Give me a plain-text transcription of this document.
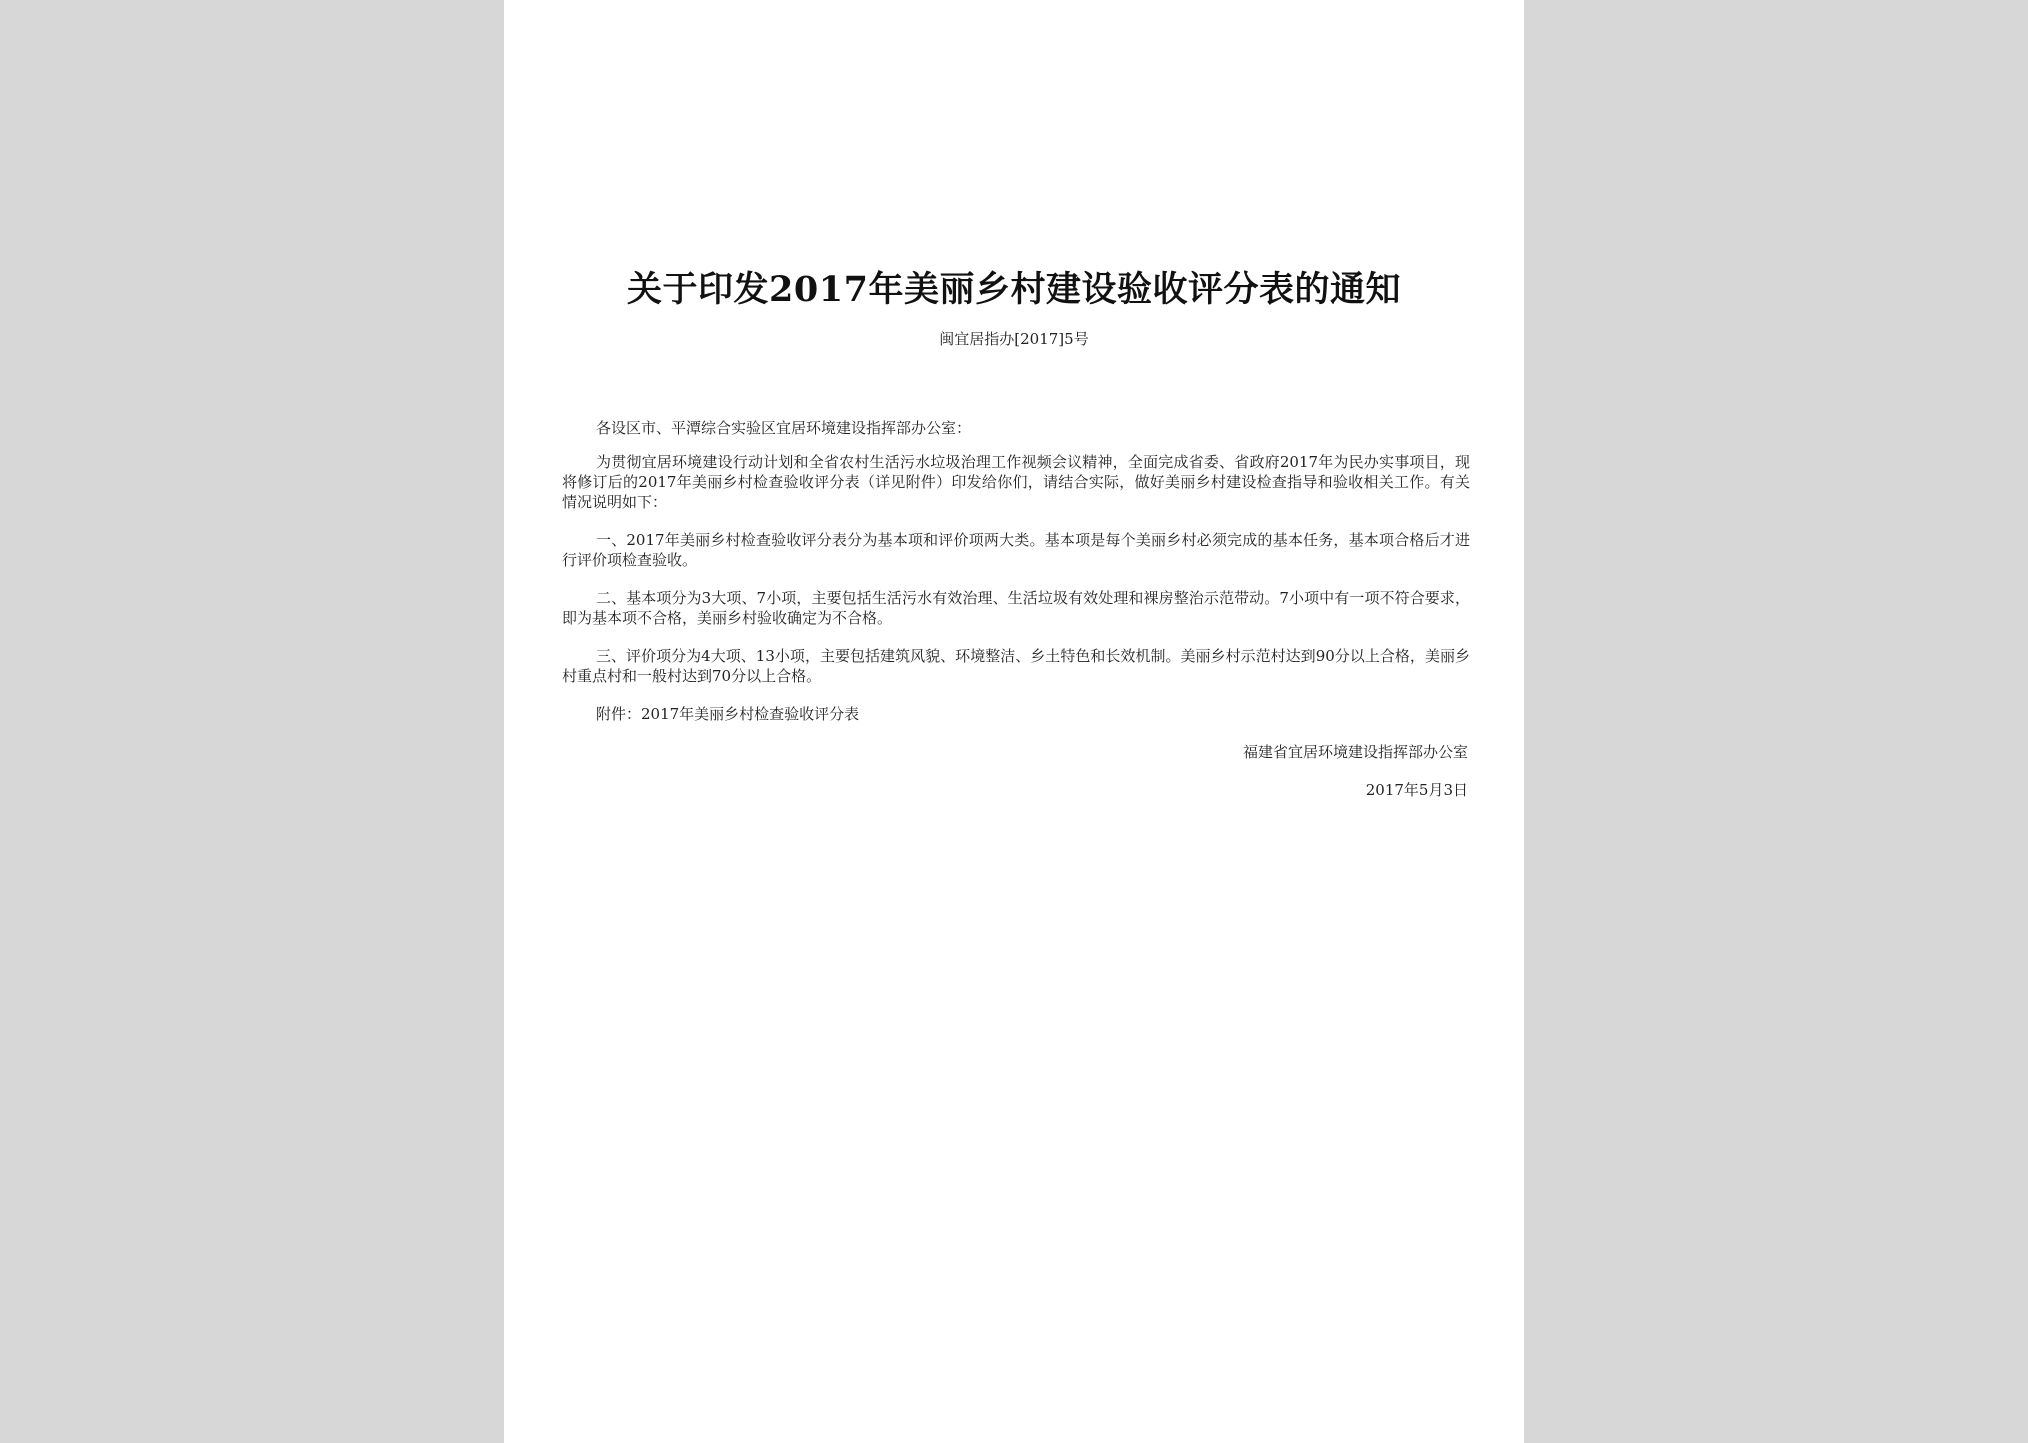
关于印发2017年美丽乡村建设验收评分表的通知

闽宜居指办[2017]5号

各设区市、平潭综合实验区宜居环境建设指挥部办公室：

为贯彻宜居环境建设行动计划和全省农村生活污水垃圾治理工作视频会议精神，全面完成省委、省政府2017年为民办实事项目，现将修订后的2017年美丽乡村检查验收评分表（详见附件）印发给你们，请结合实际，做好美丽乡村建设检查指导和验收相关工作。有关情况说明如下：

一、2017年美丽乡村检查验收评分表分为基本项和评价项两大类。基本项是每个美丽乡村必须完成的基本任务，基本项合格后才进行评价项检查验收。

二、基本项分为3大项、7小项，主要包括生活污水有效治理、生活垃圾有效处理和裸房整治示范带动。7小项中有一项不符合要求，即为基本项不合格，美丽乡村验收确定为不合格。

三、评价项分为4大项、13小项，主要包括建筑风貌、环境整洁、乡土特色和长效机制。美丽乡村示范村达到90分以上合格，美丽乡村重点村和一般村达到70分以上合格。

附件：2017年美丽乡村检查验收评分表

福建省宜居环境建设指挥部办公室
2017年5月3日
